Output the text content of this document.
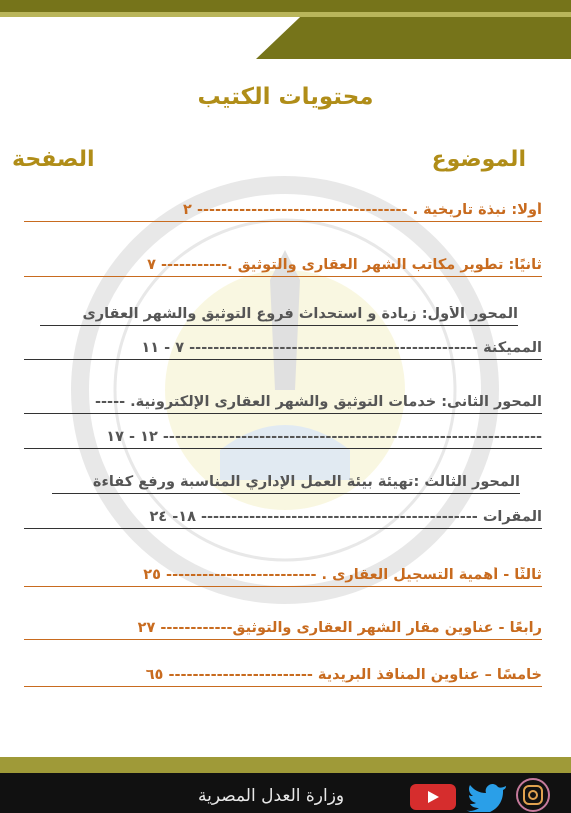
محتويات الكتيب
الموضوع
الصفحة
أولا: نبذة تاريخية . ----------------------------------- ٢
ثانيًا: تطوير مكاتب الشهر العقارى والتوثيق .----------- ٧
المحور الأول: زيادة و استحداث فروع التوثيق والشهر العقارى
المميكنة ------------------------------------------------ ٧ - ١١
المحور الثانى: خدمات التوثيق والشهر العقارى الإلكترونية. -----
--------------------------------------------------------------- ١٢ - ١٧
المحور الثالث :تهيئة بيئة العمل الإداري المناسبة ورفع كفاءة
المقرات ---------------------------------------------- ١٨- ٢٤
ثالثًا - أهمية التسجيل العقارى . ------------------------- ٢٥
رابعًا - عناوين مقار الشهر العقارى والتوثيق------------ ٢٧
خامسًا – عناوين المنافذ البريدية ------------------------ ٦٥
وزارة العدل المصرية
